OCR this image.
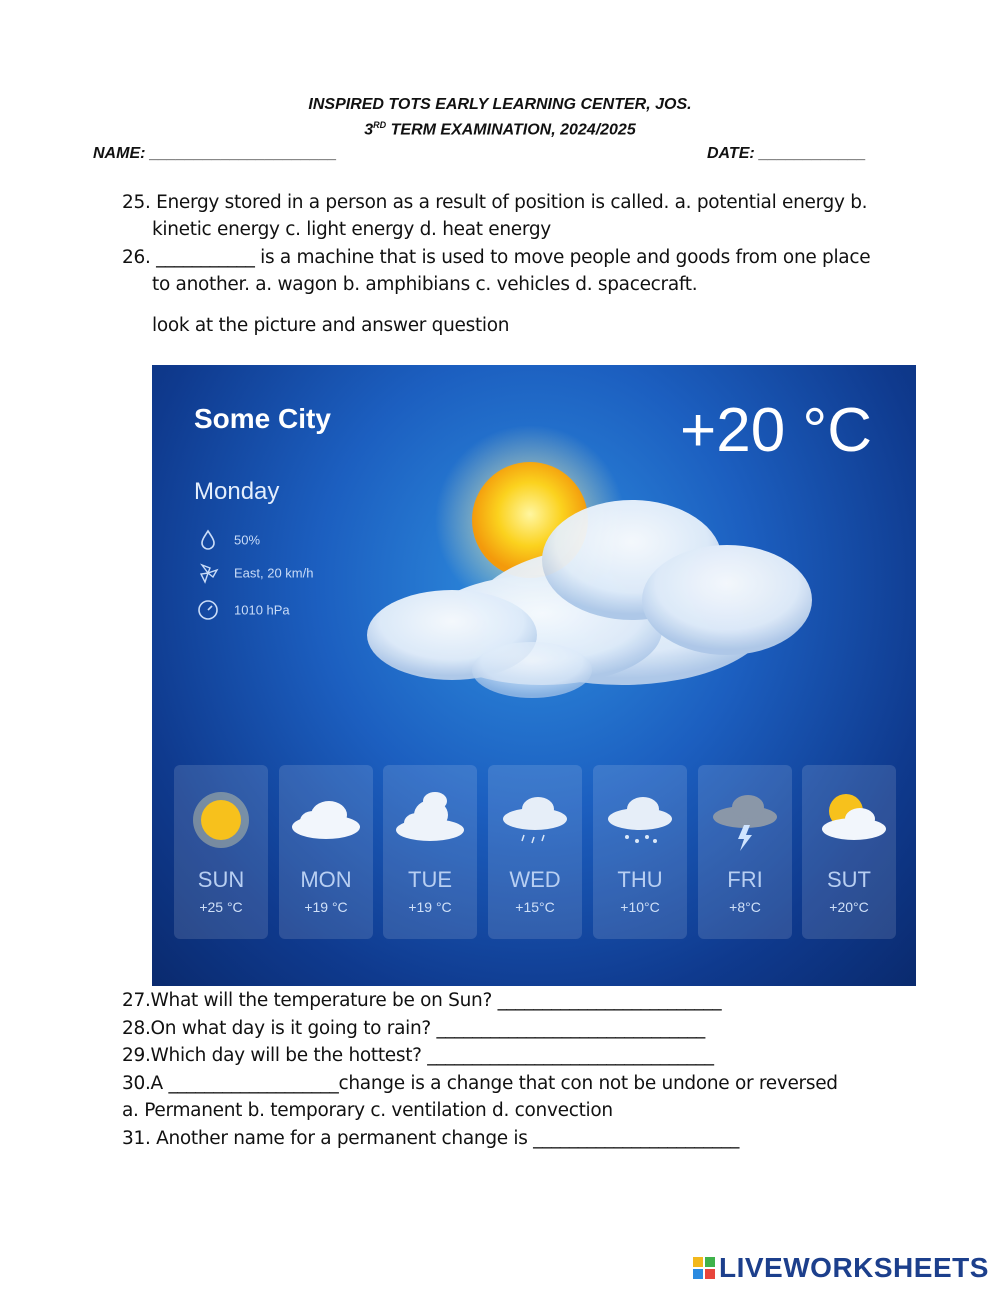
INSPIRED TOTS EARLY LEARNING CENTER, JOS.
3RD TERM EXAMINATION, 2024/2025
NAME: _____________________	DATE: ____________
25. Energy stored in a person as a result of position is called. a. potential energy b.
kinetic energy c. light energy d. heat energy
26. ___________ is a machine that is used to move people and goods from one place
to another. a. wagon b. amphibians c. vehicles d. spacecraft.
look at the picture and answer question
Some City
Monday
+20 °C
50%
East, 20 km/h
1010 hPa
SUN
+25 °C
MON
+19 °C
TUE
+19 °C
WED
+15°C
THU
+10°C
FRI
+8°C
SUT
+20°C
27.What will the temperature be on Sun? _________________________
28.On what day is it going to rain? ______________________________
29.Which day will be the hottest? ________________________________
30.A ___________________change is a change that con not be undone or reversed
a. Permanent b. temporary c. ventilation d. convection
31. Another name for a permanent change is _______________________
LIVEWORKSHEETS
